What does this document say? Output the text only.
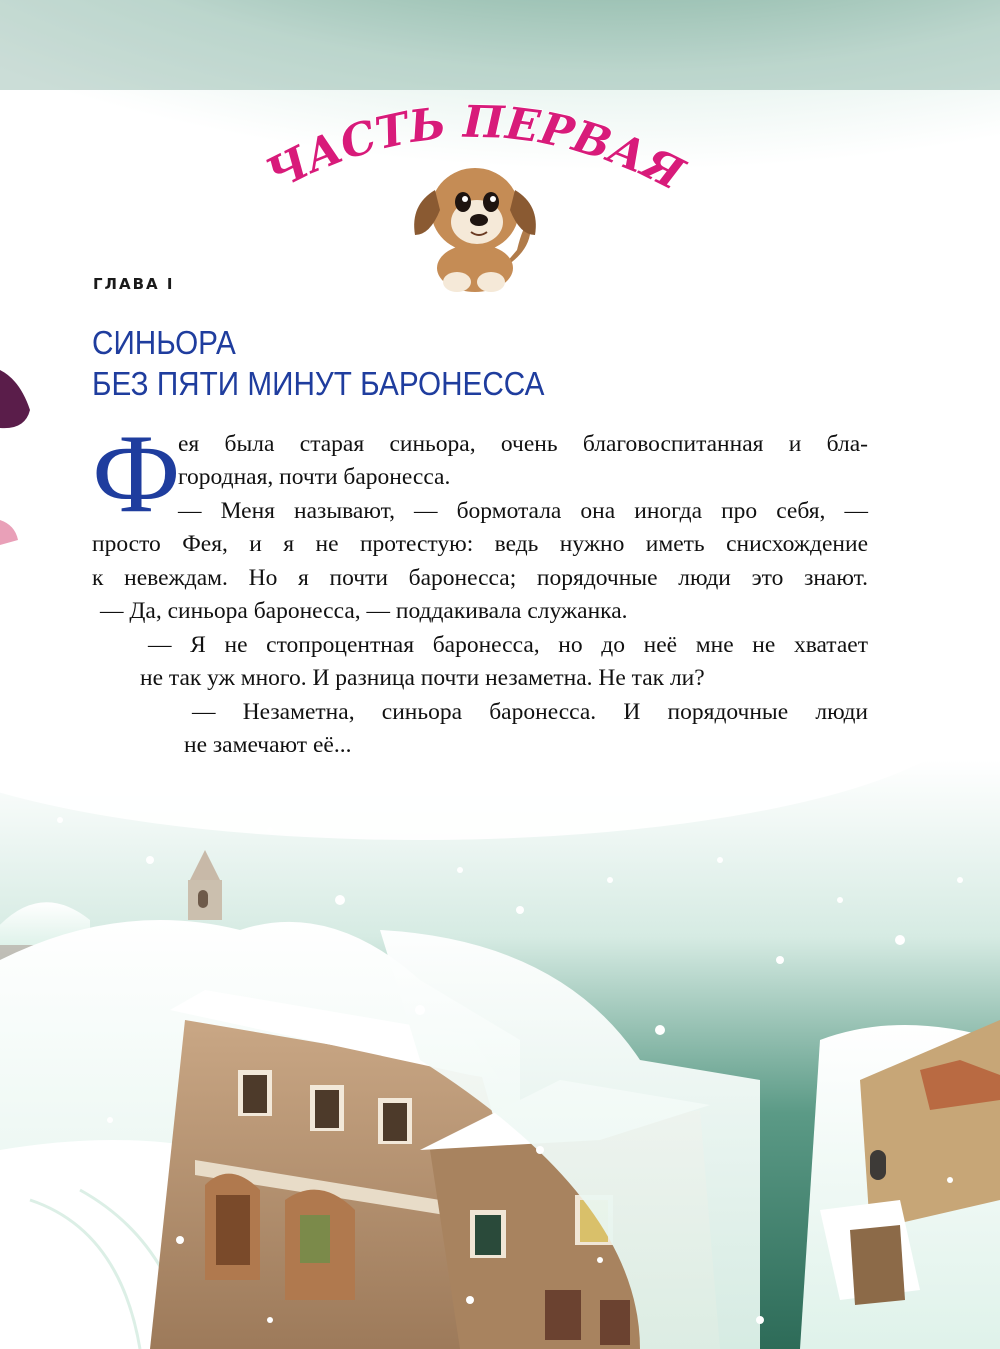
ЧАСТЬ ПЕРВАЯ
ГЛАВА I
СИНЬОРА
БЕЗ ПЯТИ МИНУТ БАРОНЕССА
Ф
ея была старая синьора, очень благовоспитанная и бла-
городная, почти баронесса.
— Меня называют, — бормотала она иногда про себя, —
просто Фея, и я не протестую: ведь нужно иметь снисхождение
к невеждам. Но я почти баронесса; порядочные люди это знают.
— Да, синьора баронесса, — поддакивала служанка.
— Я не стопроцентная баронесса, но до неё мне не хватает
не так уж много. И разница почти незаметна. Не так ли?
— Незаметна, синьора баронесса. И порядочные люди
не замечают её...
